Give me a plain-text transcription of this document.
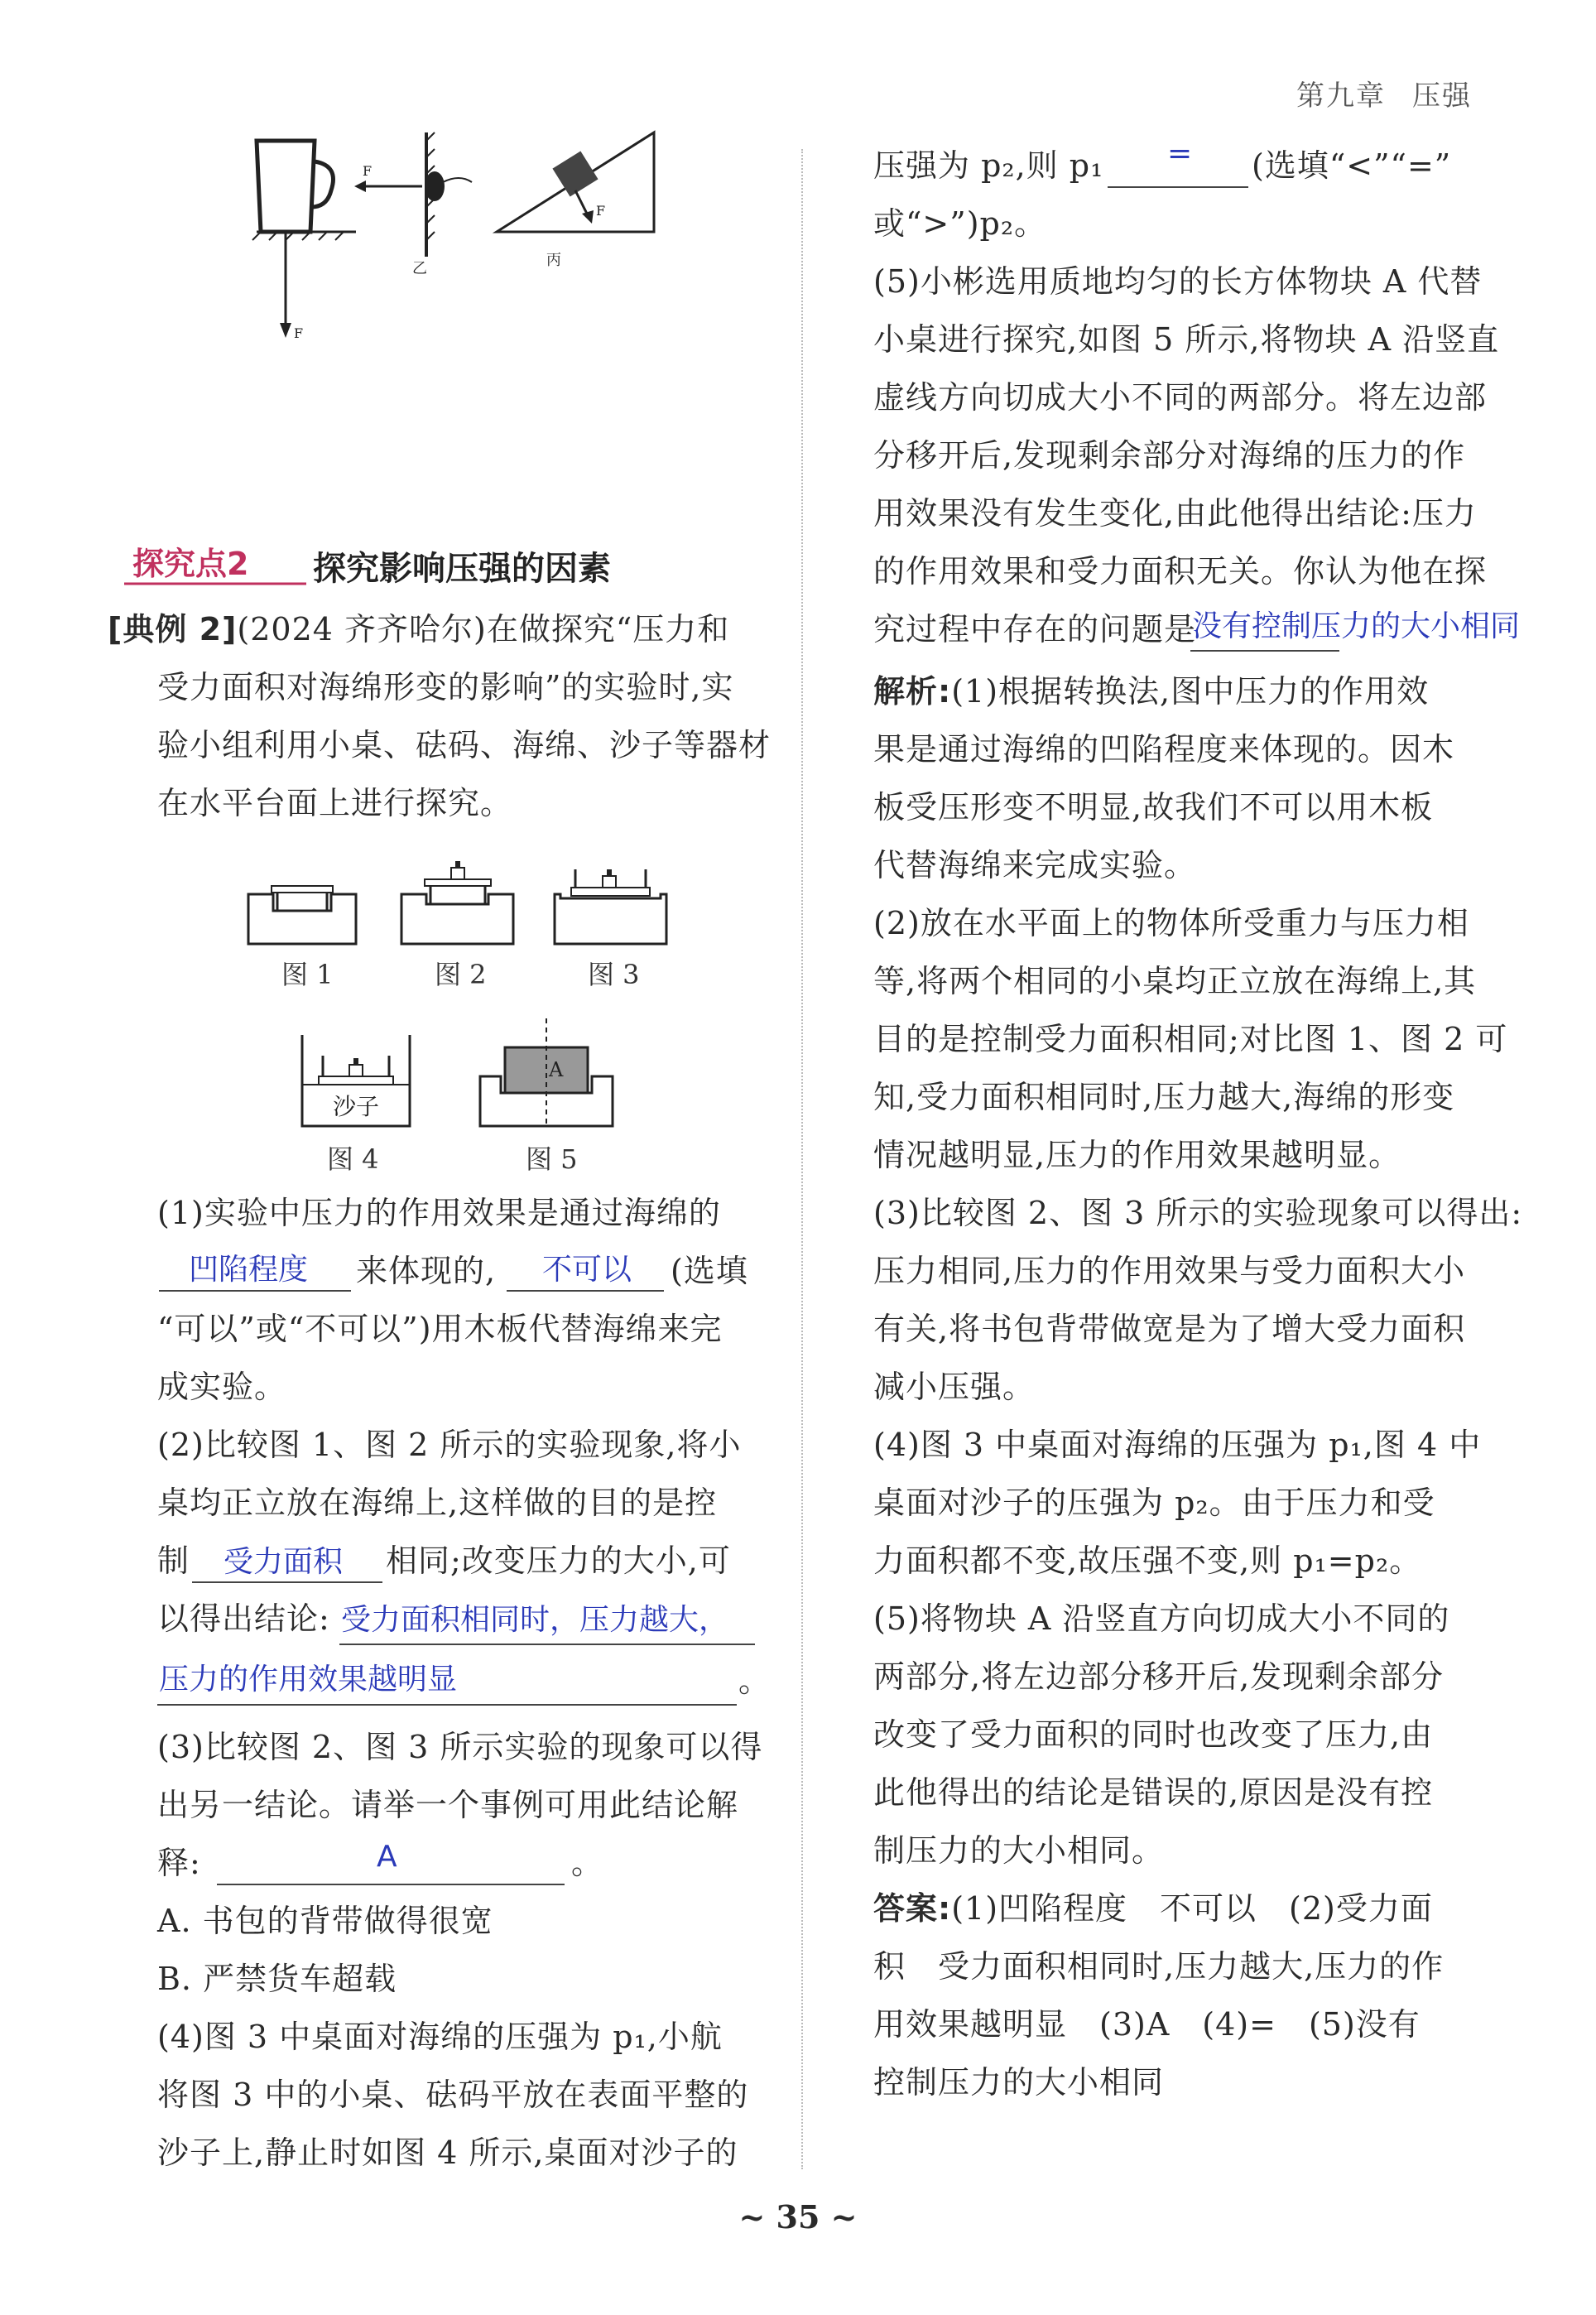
第九章 压强
F
F
乙
F
丙
探究点2 探究影响压强的因素
[典例 2](2024 齐齐哈尔)在做探究“压力和
受力面积对海绵形变的影响”的实验时,实
验小组利用小桌、砝码、海绵、沙子等器材
在水平台面上进行探究。
沙子
A
图 1	图 2	图 3
图 4	图 5
(1)实验中压力的作用效果是通过海绵的
凹陷程度 来体现的, 不可以 (选填
“可以”或“不可以”)用木板代替海绵来完
成实验。
(2)比较图 1、图 2 所示的实验现象,将小
桌均正立放在海绵上,这样做的目的是控
制 受力面积 相同;改变压力的大小,可
以得出结论: 受力面积相同时，压力越大，
压力的作用效果越明显	。
(3)比较图 2、图 3 所示实验的现象可以得
出另一结论。请举一个事例可用此结论解
释:	A	。
A. 书包的背带做得很宽
B. 严禁货车超载
(4)图 3 中桌面对海绵的压强为 p₁,小航
将图 3 中的小桌、砝码平放在表面平整的
沙子上,静止时如图 4 所示,桌面对沙子的
压强为 p₂,则 p₁ = (选填“<”“=”
或“>”)p₂。
(5)小彬选用质地均匀的长方体物块 A 代替
小桌进行探究,如图 5 所示,将物块 A 沿竖直
虚线方向切成大小不同的两部分。将左边部
分移开后,发现剩余部分对海绵的压力的作
用效果没有发生变化,由此他得出结论:压力
的作用效果和受力面积无关。你认为他在探
究过程中存在的问题是
没有控制压力的大小相同
解析:(1)根据转换法,图中压力的作用效
果是通过海绵的凹陷程度来体现的。因木
板受压形变不明显,故我们不可以用木板
代替海绵来完成实验。
(2)放在水平面上的物体所受重力与压力相
等,将两个相同的小桌均正立放在海绵上,其
目的是控制受力面积相同;对比图 1、图 2 可
知,受力面积相同时,压力越大,海绵的形变
情况越明显,压力的作用效果越明显。
(3)比较图 2、图 3 所示的实验现象可以得出:
压力相同,压力的作用效果与受力面积大小
有关,将书包背带做宽是为了增大受力面积
减小压强。
(4)图 3 中桌面对海绵的压强为 p₁,图 4 中
桌面对沙子的压强为 p₂。由于压力和受
力面积都不变,故压强不变,则 p₁=p₂。
(5)将物块 A 沿竖直方向切成大小不同的
两部分,将左边部分移开后,发现剩余部分
改变了受力面积的同时也改变了压力,由
此他得出的结论是错误的,原因是没有控
制压力的大小相同。
答案:(1)凹陷程度　不可以　(2)受力面
积　受力面积相同时,压力越大,压力的作
用效果越明显　(3)A　(4)=　(5)没有
控制压力的大小相同
~ 35 ~
